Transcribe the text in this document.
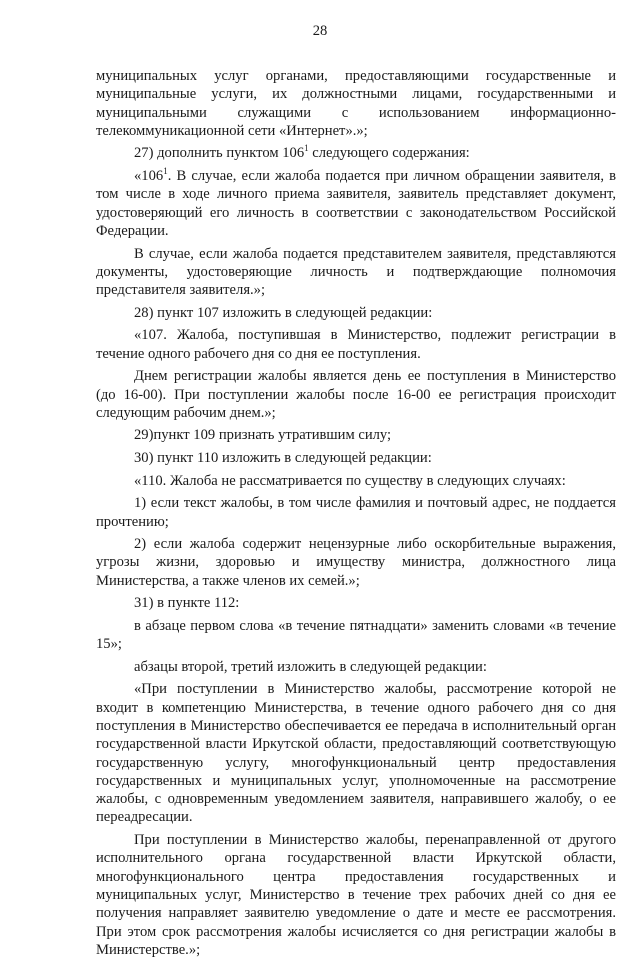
28

муниципальных услуг органами, предоставляющими государственные и муниципальные услуги, их должностными лицами, государственными и муниципальными служащими с использованием информационно-телекоммуникационной сети «Интернет».»;

27) дополнить пунктом $106^1$ следующего содержания:

«$106^1$. В случае, если жалоба подается при личном обращении заявителя, в том числе в ходе личного приема заявителя, заявитель представляет документ, удостоверяющий его личность в соответствии с законодательством Российской Федерации.

В случае, если жалоба подается представителем заявителя, представляются документы, удостоверяющие личность и подтверждающие полномочия представителя заявителя.»;

28) пункт 107 изложить в следующей редакции:

«107. Жалоба, поступившая в Министерство, подлежит регистрации в течение одного рабочего дня со дня ее поступления.

Днем регистрации жалобы является день ее поступления в Министерство (до 16-00). При поступлении жалобы после 16-00 ее регистрация происходит следующим рабочим днем.»;

29)пункт 109 признать утратившим силу;

30) пункт 110 изложить в следующей редакции:

«110. Жалоба не рассматривается по существу в следующих случаях:

1) если текст жалобы, в том числе фамилия и почтовый адрес, не поддается прочтению;

2) если жалоба содержит нецензурные либо оскорбительные выражения, угрозы жизни, здоровью и имуществу министра, должностного лица Министерства, а также членов их семей.»;

31) в пункте 112:

в абзаце первом слова «в течение пятнадцати» заменить словами «в течение 15»;

абзацы второй, третий изложить в следующей редакции:

«При поступлении в Министерство жалобы, рассмотрение которой не входит в компетенцию Министерства, в течение одного рабочего дня со дня поступления в Министерство обеспечивается ее передача в исполнительный орган государственной власти Иркутской области, предоставляющий соответствующую государственную услугу, многофункциональный центр предоставления государственных и муниципальных услуг, уполномоченные на рассмотрение жалобы, с одновременным уведомлением заявителя, направившего жалобу, о ее переадресации.

При поступлении в Министерство жалобы, перенаправленной от другого исполнительного органа государственной власти Иркутской области, многофункционального центра предоставления государственных и муниципальных услуг, Министерство в течение трех рабочих дней со дня ее получения направляет заявителю уведомление о дате и месте ее рассмотрения. При этом срок рассмотрения жалобы исчисляется со дня регистрации жалобы в Министерстве.»;
